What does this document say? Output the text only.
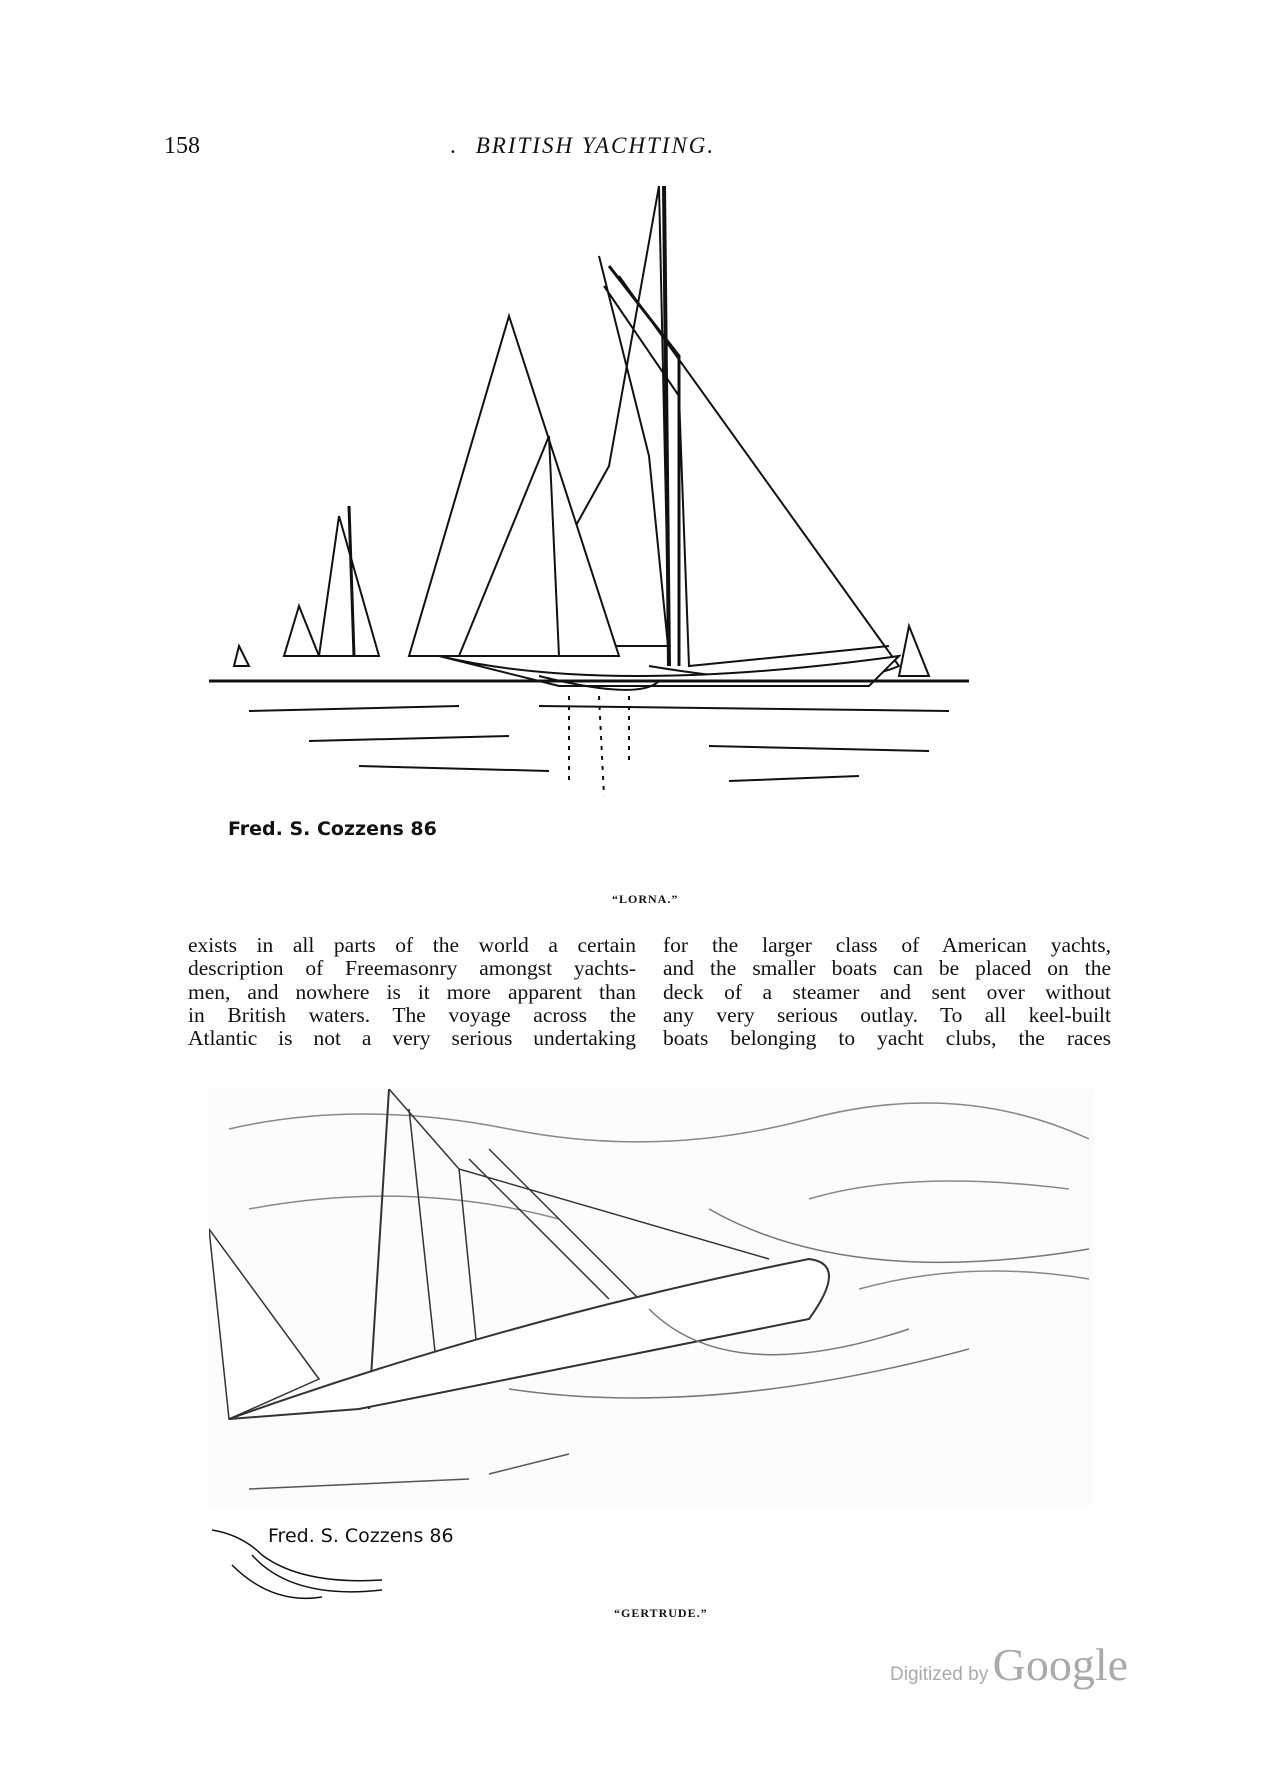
158	. BRITISH YACHTING.
Fred. S. Cozzens 86
“LORNA.”
exists in all parts of the world a certain
description of Freemasonry amongst yachts-
men, and nowhere is it more apparent than
in British waters. The voyage across the
Atlantic is not a very serious undertaking
for the larger class of American yachts,
and the smaller boats can be placed on the
deck of a steamer and sent over without
any very serious outlay. To all keel-built
boats belonging to yacht clubs, the races
Fred. S. Cozzens 86
“GERTRUDE.”
Digitized by Google
